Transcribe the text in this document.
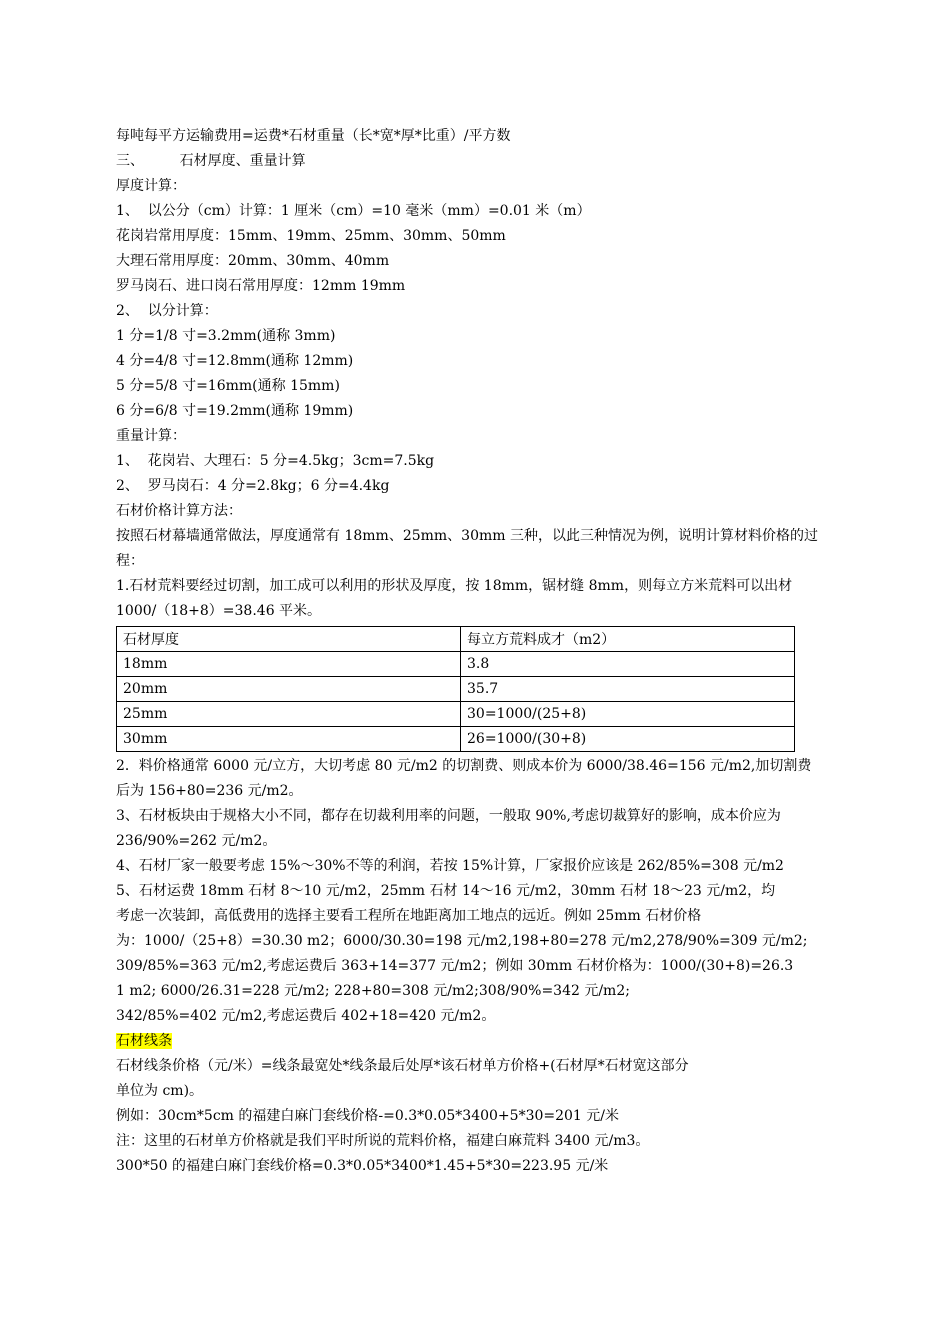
每吨每平方运输费用=运费*石材重量（长*宽*厚*比重）/平方数
三、        石材厚度、重量计算
厚度计算：
1、  以公分（cm）计算：1 厘米（cm）=10 毫米（mm）=0.01 米（m）
花岗岩常用厚度：15mm、19mm、25mm、30mm、50mm
大理石常用厚度：20mm、30mm、40mm
罗马岗石、进口岗石常用厚度：12mm 19mm
2、  以分计算：
1 分=1/8 寸=3.2mm(通称 3mm)
4 分=4/8 寸=12.8mm(通称 12mm)
5 分=5/8 寸=16mm(通称 15mm)
6 分=6/8 寸=19.2mm(通称 19mm)
重量计算：
1、  花岗岩、大理石：5 分=4.5kg；3cm=7.5kg
2、  罗马岗石：4 分=2.8kg；6 分=4.4kg
石材价格计算方法：
按照石材幕墙通常做法，厚度通常有 18mm、25mm、30mm 三种，以此三种情况为例，说明计算材料价格的过程：
1.石材荒料要经过切割，加工成可以利用的形状及厚度，按 18mm，锯材缝 8mm，则每立方米荒料可以出材 1000/（18+8）=38.46 平米。
石材厚度	每立方荒料成才（m2）
18mm	3.8
20mm	35.7
25mm	30=1000/(25+8)
30mm	26=1000/(30+8)
2．料价格通常 6000 元/立方，大切考虑 80 元/m2 的切割费、则成本价为 6000/38.46=156 元/m2,加切割费后为 156+80=236 元/m2。
3、石材板块由于规格大小不同，都存在切裁利用率的问题，一般取 90%,考虑切裁算好的影响，成本价应为 236/90%=262 元/m2。
4、石材厂家一般要考虑 15%～30%不等的利润，若按 15%计算，厂家报价应该是 262/85%=308 元/m2
5、石材运费 18mm 石材 8～10 元/m2，25mm 石材 14～16 元/m2，30mm 石材 18～23 元/m2，均
考虑一次装卸，高低费用的选择主要看工程所在地距离加工地点的远近。例如 25mm 石材价格
为：1000/（25+8）=30.30 m2；6000/30.30=198 元/m2,198+80=278 元/m2,278/90%=309 元/m2;
309/85%=363 元/m2,考虑运费后 363+14=377 元/m2；例如 30mm 石材价格为：1000/(30+8)=26.3
1 m2; 6000/26.31=228 元/m2; 228+80=308 元/m2;308/90%=342 元/m2;
342/85%=402 元/m2,考虑运费后 402+18=420 元/m2。
石材线条
石材线条价格（元/米）=线条最宽处*线条最后处厚*该石材单方价格+(石材厚*石材宽这部分
单位为 cm)。
例如：30cm*5cm 的福建白麻门套线价格-=0.3*0.05*3400+5*30=201 元/米
注：这里的石材单方价格就是我们平时所说的荒料价格，福建白麻荒料 3400 元/m3。
300*50 的福建白麻门套线价格=0.3*0.05*3400*1.45+5*30=223.95 元/米
